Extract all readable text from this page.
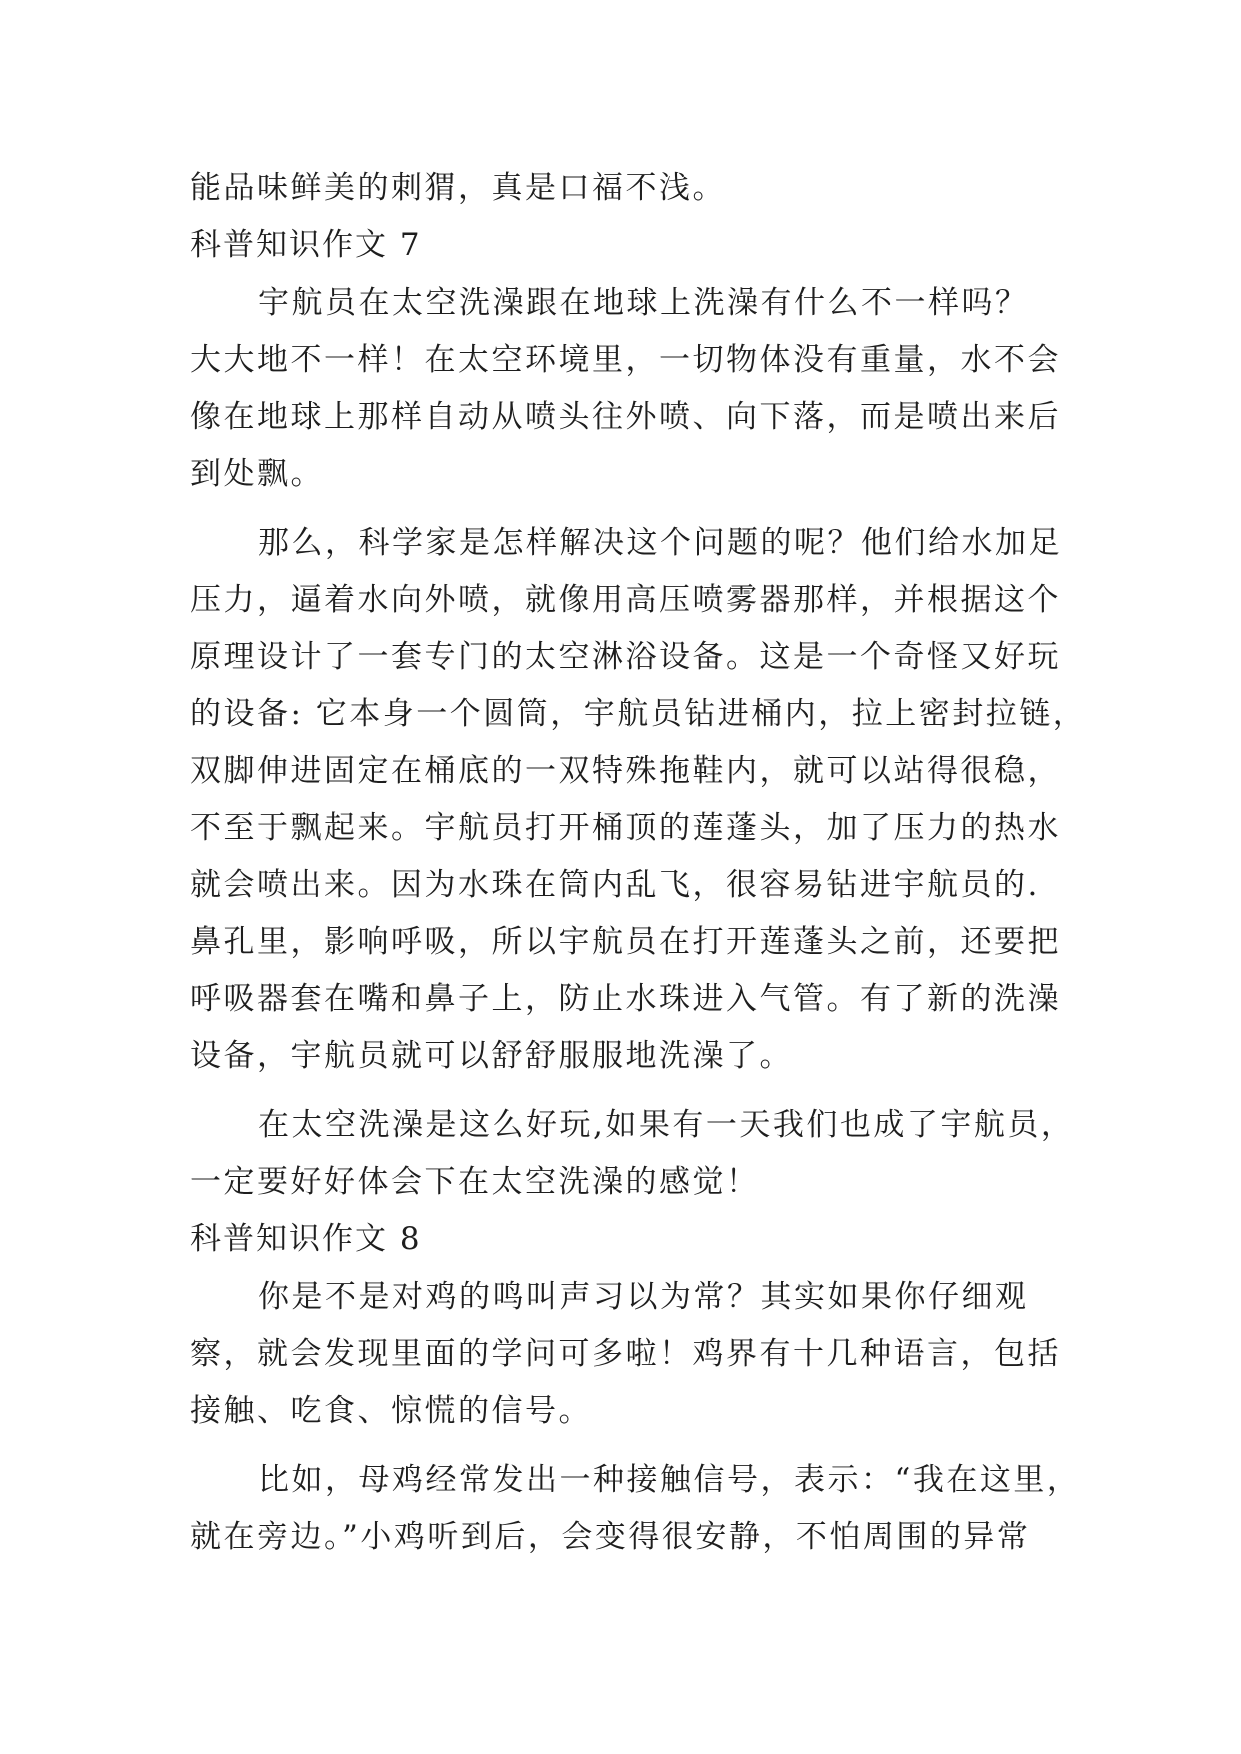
能品味鲜美的刺猬，真是口福不浅。
科普知识作文 7
宇航员在太空洗澡跟在地球上洗澡有什么不一样吗？
大大地不一样！在太空环境里，一切物体没有重量，水不会
像在地球上那样自动从喷头往外喷、向下落，而是喷出来后
到处飘。
那么，科学家是怎样解决这个问题的呢？他们给水加足
压力，逼着水向外喷，就像用高压喷雾器那样，并根据这个
原理设计了一套专门的太空淋浴设备。这是一个奇怪又好玩
的设备: 它本身一个圆筒，宇航员钻进桶内，拉上密封拉链，
双脚伸进固定在桶底的一双特殊拖鞋内，就可以站得很稳，
不至于飘起来。宇航员打开桶顶的莲蓬头，加了压力的热水
就会喷出来。因为水珠在筒内乱飞，很容易钻进宇航员的.
鼻孔里，影响呼吸，所以宇航员在打开莲蓬头之前，还要把
呼吸器套在嘴和鼻子上，防止水珠进入气管。有了新的洗澡
设备，宇航员就可以舒舒服服地洗澡了。
在太空洗澡是这么好玩,如果有一天我们也成了宇航员，
一定要好好体会下在太空洗澡的感觉！
科普知识作文 8
你是不是对鸡的鸣叫声习以为常？其实如果你仔细观
察，就会发现里面的学问可多啦！鸡界有十几种语言，包括
接触、吃食、惊慌的信号。
比如，母鸡经常发出一种接触信号，表示：“我在这里，
就在旁边。”小鸡听到后，会变得很安静，不怕周围的异常
